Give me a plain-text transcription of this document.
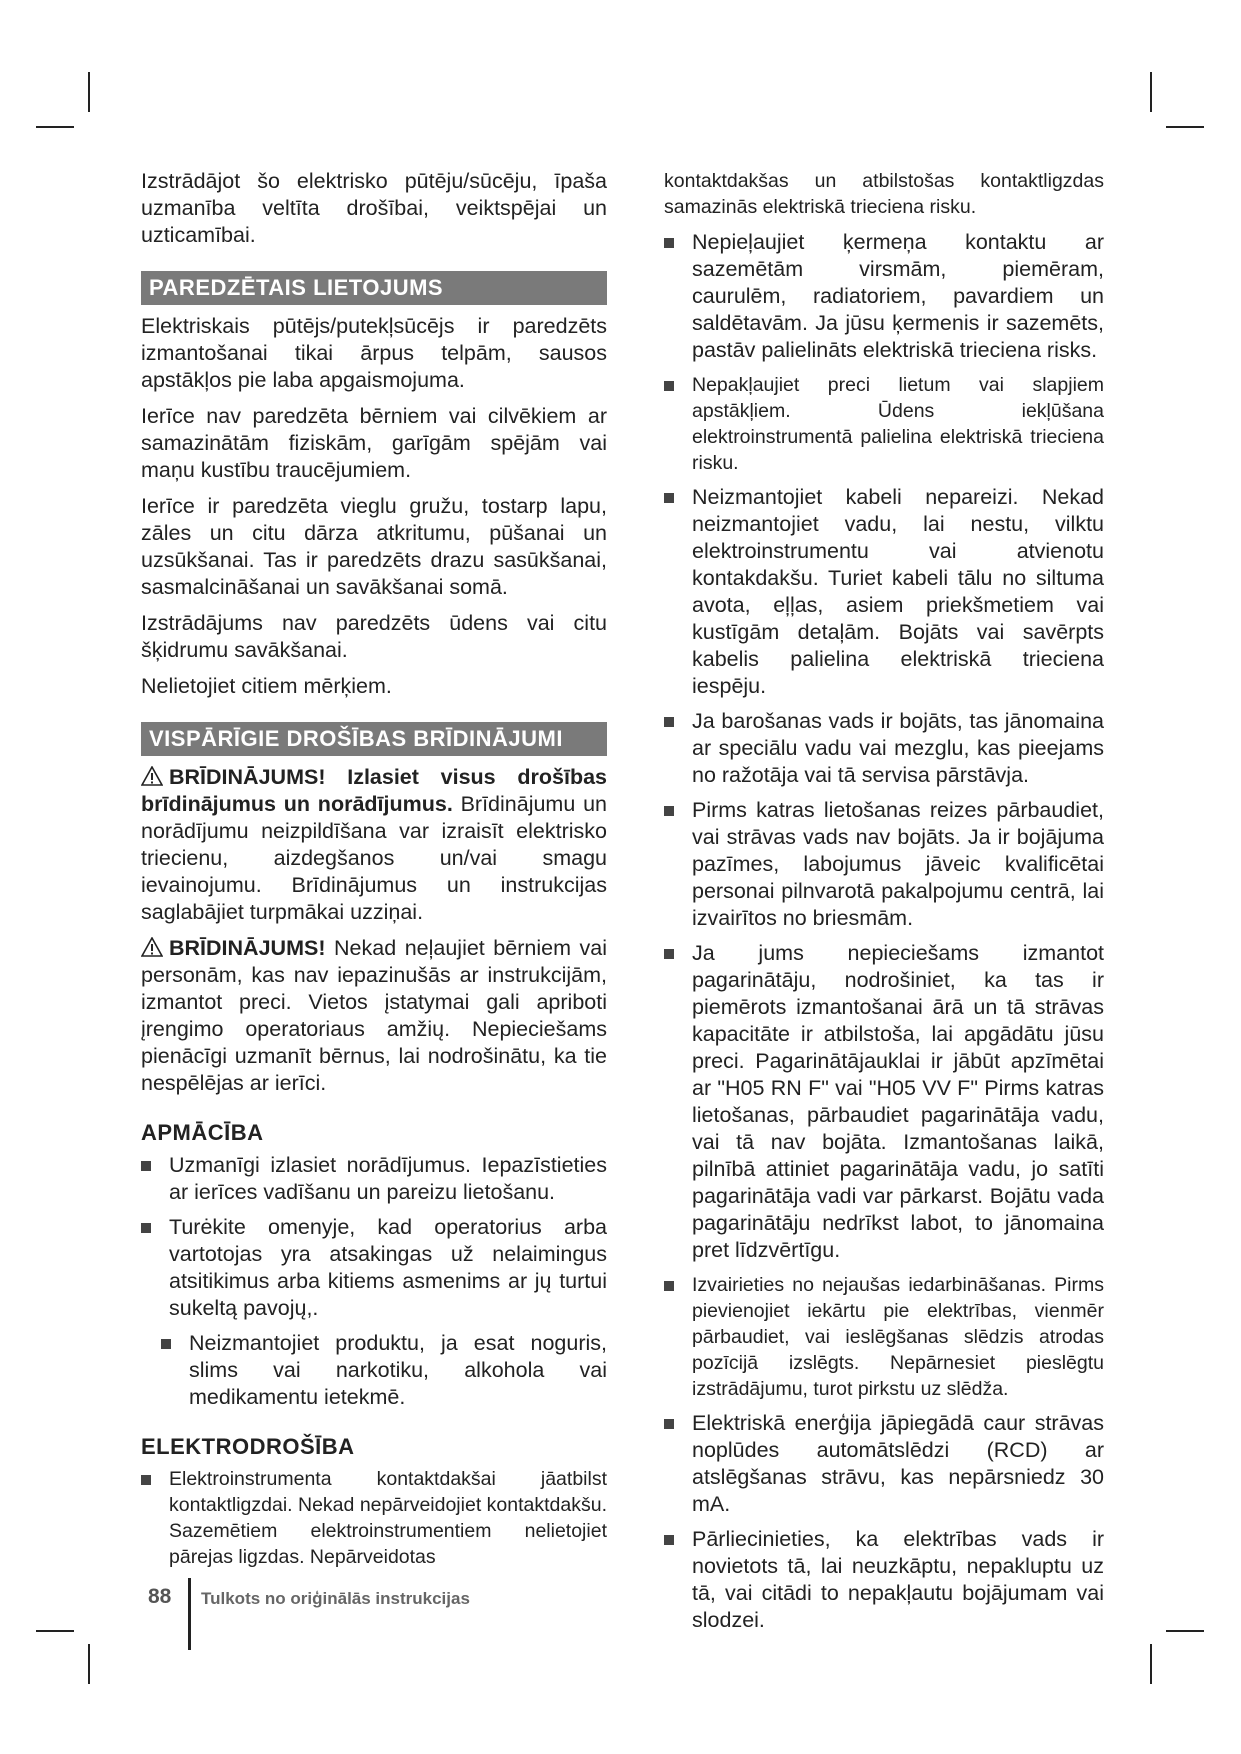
Izstrādājot šo elektrisko pūtēju/sūcēju, īpaša uzmanība veltīta drošībai, veiktspējai un uzticamībai.

PAREDZĒTAIS LIETOJUMS

Elektriskais pūtējs/putekļsūcējs ir paredzēts izmantošanai tikai ārpus telpām, sausos apstākļos pie laba apgaismojuma.

Ierīce nav paredzēta bērniem vai cilvēkiem ar samazinātām fiziskām, garīgām spējām vai maņu kustību traucējumiem.

Ierīce ir paredzēta vieglu gružu, tostarp lapu, zāles un citu dārza atkritumu, pūšanai un uzsūkšanai. Tas ir paredzēts drazu sasūkšanai, sasmalcināšanai un savākšanai somā.

Izstrādājums nav paredzēts ūdens vai citu šķidrumu savākšanai.

Nelietojiet citiem mērķiem.

VISPĀRĪGIE DROŠĪBAS BRĪDINĀJUMI

BRĪDINĀJUMS! Izlasiet visus drošības brīdinājumus un norādījumus. Brīdinājumu un norādījumu neizpildīšana var izraisīt elektrisko triecienu, aizdegšanos un/vai smagu ievainojumu. Brīdinājumus un instrukcijas saglabājiet turpmākai uzziņai.

BRĪDINĀJUMS! Nekad neļaujiet bērniem vai personām, kas nav iepazinušās ar instrukcijām, izmantot preci. Vietos įstatymai gali apriboti įrengimo operatoriaus amžių. Nepieciešams pienācīgi uzmanīt bērnus, lai nodrošinātu, ka tie nespēlējas ar ierīci.

APMĀCĪBA
Uzmanīgi izlasiet norādījumus. Iepazīstieties ar ierīces vadīšanu un pareizu lietošanu.
Turėkite omenyje, kad operatorius arba vartotojas yra atsakingas už nelaimingus atsitikimus arba kitiems asmenims ar jų turtui sukeltą pavojų,.
Neizmantojiet produktu, ja esat noguris, slims vai narkotiku, alkohola vai medikamentu ietekmē.
ELEKTRODROŠĪBA
Elektroinstrumenta kontaktdakšai jāatbilst kontaktligzdai. Nekad nepārveidojiet kontaktdakšu. Sazemētiem elektroinstrumentiem nelietojiet pārejas ligzdas. Nepārveidotas

kontaktdakšas un atbilstošas kontaktligzdas samazinās elektriskā trieciena risku.

Nepieļaujiet ķermeņa kontaktu ar sazemētām virsmām, piemēram, caurulēm, radiatoriem, pavardiem un saldētavām. Ja jūsu ķermenis ir sazemēts, pastāv palielināts elektriskā trieciena risks.
Nepakļaujiet preci lietum vai slapjiem apstākļiem. Ūdens iekļūšana elektroinstrumentā palielina elektriskā trieciena risku.
Neizmantojiet kabeli nepareizi. Nekad neizmantojiet vadu, lai nestu, vilktu elektroinstrumentu vai atvienotu kontakdakšu. Turiet kabeli tālu no siltuma avota, eļļas, asiem priekšmetiem vai kustīgām detaļām. Bojāts vai savērpts kabelis palielina elektriskā trieciena iespēju.
Ja barošanas vads ir bojāts, tas jānomaina ar speciālu vadu vai mezglu, kas pieejams no ražotāja vai tā servisa pārstāvja.
Pirms katras lietošanas reizes pārbaudiet, vai strāvas vads nav bojāts. Ja ir bojājuma pazīmes, labojumus jāveic kvalificētai personai pilnvarotā pakalpojumu centrā, lai izvairītos no briesmām.
Ja jums nepieciešams izmantot pagarinātāju, nodrošiniet, ka tas ir piemērots izmantošanai ārā un tā strāvas kapacitāte ir atbilstoša, lai apgādātu jūsu preci. Pagarinātājauklai ir jābūt apzīmētai ar "H05 RN F" vai "H05 VV F" Pirms katras lietošanas, pārbaudiet pagarinātāja vadu, vai tā nav bojāta. Izmantošanas laikā, pilnībā attiniet pagarinātāja vadu, jo satīti pagarinātāja vadi var pārkarst. Bojātu vada pagarinātāju nedrīkst labot, to jānomaina pret līdzvērtīgu.
Izvairieties no nejaušas iedarbināšanas. Pirms pievienojiet iekārtu pie elektrības, vienmēr pārbaudiet, vai ieslēgšanas slēdzis atrodas pozīcijā izslēgts. Nepārnesiet pieslēgtu izstrādājumu, turot pirkstu uz slēdža.
Elektriskā enerģija jāpiegādā caur strāvas noplūdes automātslēdzi (RCD) ar atslēgšanas strāvu, kas nepārsniedz 30 mA.
Pārliecinieties, ka elektrības vads ir novietots tā, lai neuzkāptu, nepakluptu uz tā, vai citādi to nepakļautu bojājumam vai slodzei.
88 Tulkots no oriģinālās instrukcijas
